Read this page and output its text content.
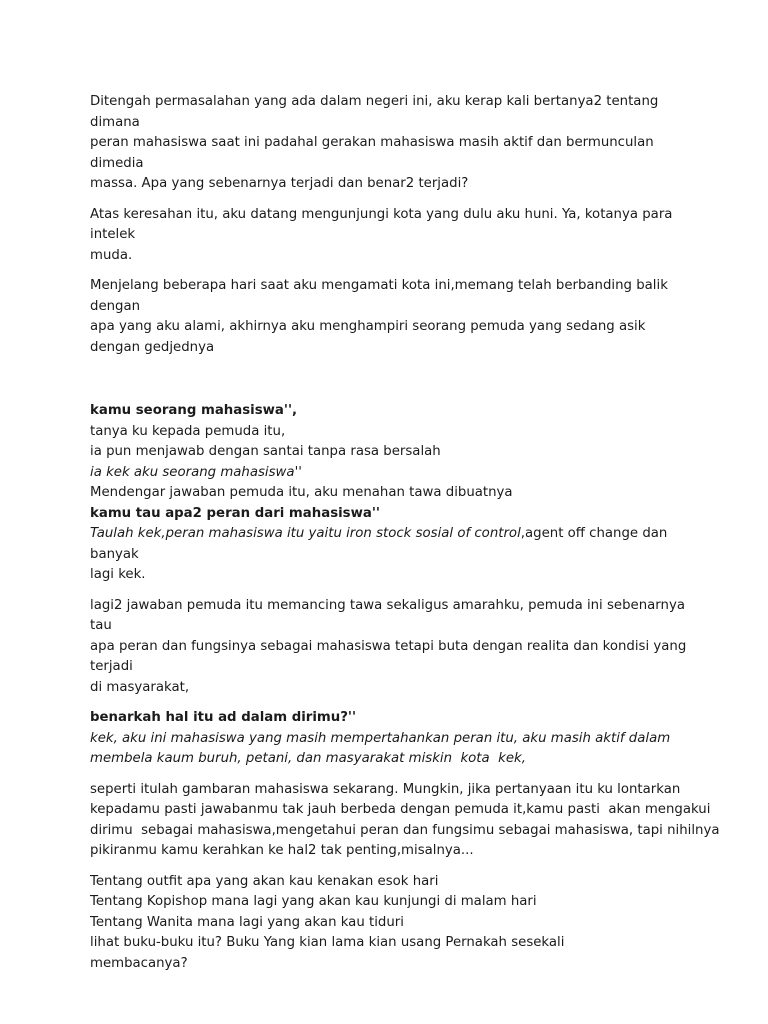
Ditengah permasalahan yang ada dalam negeri ini, aku kerap kali bertanya2 tentang dimana

peran mahasiswa saat ini padahal gerakan mahasiswa masih aktif dan bermunculan dimedia

massa. Apa yang sebenarnya terjadi dan benar2 terjadi?

Atas keresahan itu, aku datang mengunjungi kota yang dulu aku huni. Ya, kotanya para intelek

muda.

Menjelang beberapa hari saat aku mengamati kota ini,memang telah berbanding balik dengan

apa yang aku alami, akhirnya aku menghampiri seorang pemuda yang sedang asik

dengan gedjednya

kamu seorang mahasiswa'',

tanya ku kepada pemuda itu,

ia pun menjawab dengan santai tanpa rasa bersalah

ia kek aku seorang mahasiswa''

Mendengar jawaban pemuda itu, aku menahan tawa dibuatnya

kamu tau apa2 peran dari mahasiswa''

Taulah kek,peran mahasiswa itu yaitu iron stock sosial of control,agent off change dan banyak

lagi kek.

lagi2 jawaban pemuda itu memancing tawa sekaligus amarahku, pemuda ini sebenarnya tau

apa peran dan fungsinya sebagai mahasiswa tetapi buta dengan realita dan kondisi yang terjadi

di masyarakat,

benarkah hal itu ad dalam dirimu?''

kek, aku ini mahasiswa yang masih mempertahankan peran itu, aku masih aktif dalam

membela kaum buruh, petani, dan masyarakat miskin  kota  kek,

seperti itulah gambaran mahasiswa sekarang. Mungkin, jika pertanyaan itu ku lontarkan

kepadamu pasti jawabanmu tak jauh berbeda dengan pemuda it,kamu pasti  akan mengakui

dirimu  sebagai mahasiswa,mengetahui peran dan fungsimu sebagai mahasiswa, tapi nihilnya

pikiranmu kamu kerahkan ke hal2 tak penting,misalnya...

Tentang outfit apa yang akan kau kenakan esok hari

Tentang Kopishop mana lagi yang akan kau kunjungi di malam hari

Tentang Wanita mana lagi yang akan kau tiduri

lihat buku-buku itu? Buku Yang kian lama kian usang Pernakah sesekali

membacanya?
